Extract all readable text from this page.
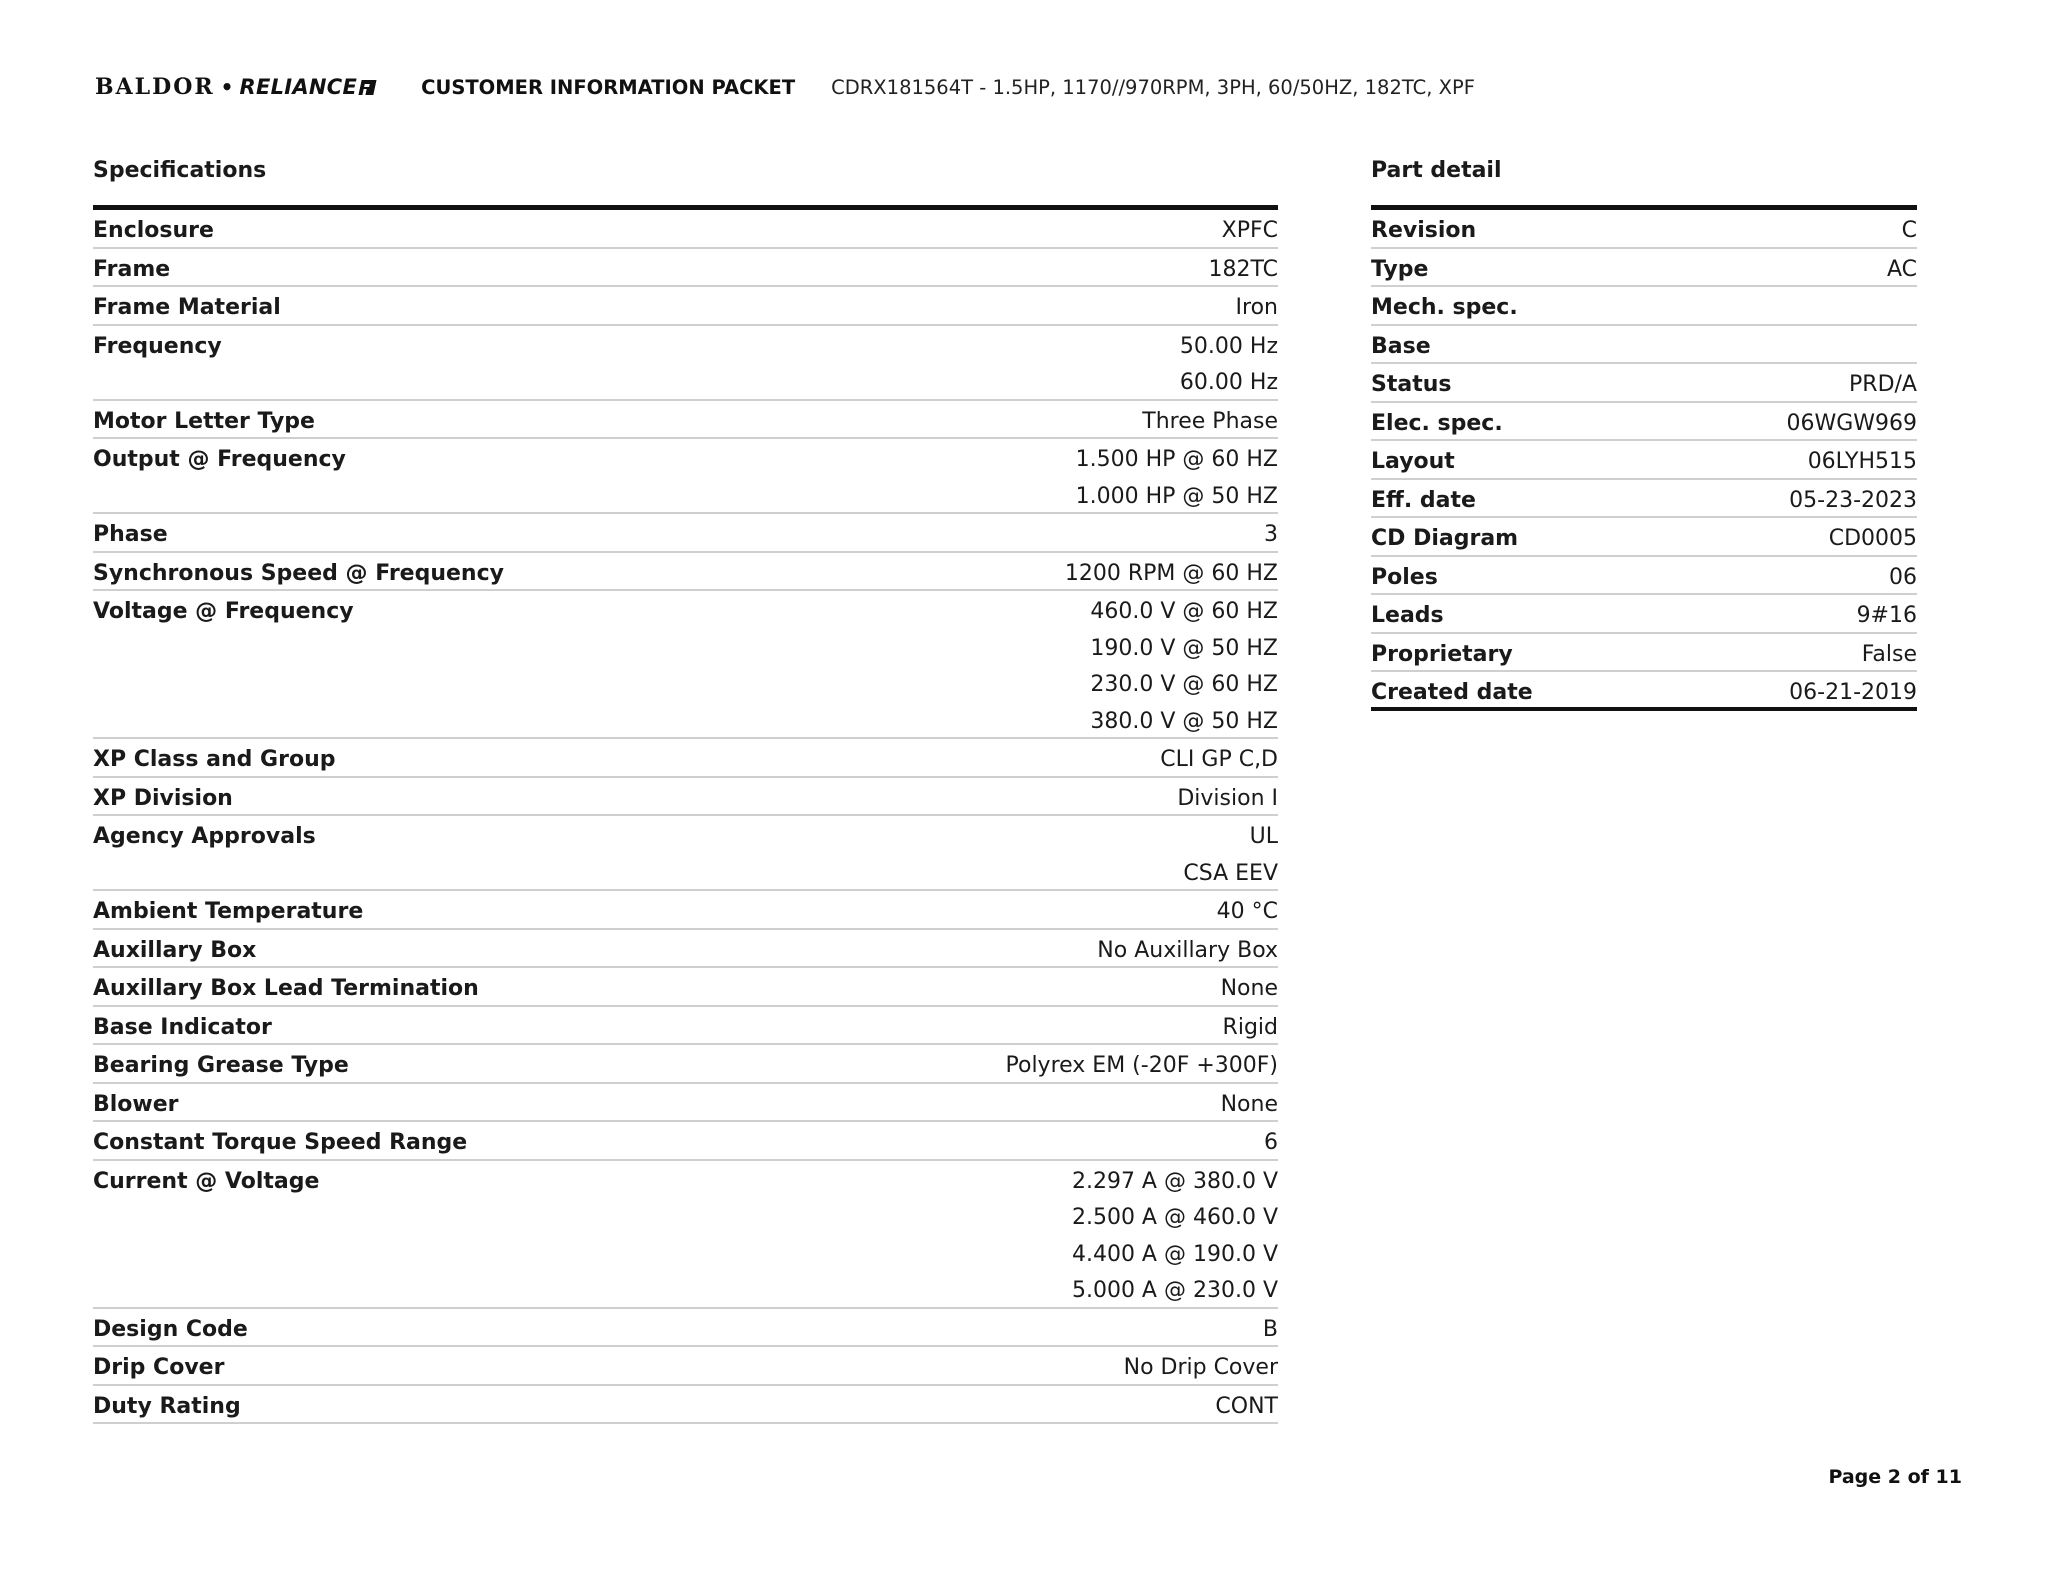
BALDOR • RELIANCE	CUSTOMER INFORMATION PACKET CDRX181564T - 1.5HP, 1170//970RPM, 3PH, 60/50HZ, 182TC, XPF
Specifications	Part detail
Enclosure	XPFC
Frame	182TC
Frame Material	Iron
Frequency	50.00 Hz
60.00 Hz
Motor Letter Type	Three Phase
Output @ Frequency	1.500 HP @ 60 HZ
1.000 HP @ 50 HZ
Phase	3
Synchronous Speed @ Frequency	1200 RPM @ 60 HZ
Voltage @ Frequency	460.0 V @ 60 HZ
190.0 V @ 50 HZ
230.0 V @ 60 HZ
380.0 V @ 50 HZ
XP Class and Group	CLI GP C,D
XP Division	Division I
Agency Approvals	UL
CSA EEV
Ambient Temperature	40 °C
Auxillary Box	No Auxillary Box
Auxillary Box Lead Termination	None
Base Indicator	Rigid
Bearing Grease Type	Polyrex EM (-20F +300F)
Blower	None
Constant Torque Speed Range	6
Current @ Voltage	2.297 A @ 380.0 V
2.500 A @ 460.0 V
4.400 A @ 190.0 V
5.000 A @ 230.0 V
Design Code	B
Drip Cover	No Drip Cover
Duty Rating	CONT
Revision	C
Type	AC
Mech. spec.
Base
Status	PRD/A
Elec. spec.	06WGW969
Layout	06LYH515
Eff. date	05-23-2023
CD Diagram	CD0005
Poles	06
Leads	9#16
Proprietary	False
Created date	06-21-2019
Page 2 of 11
